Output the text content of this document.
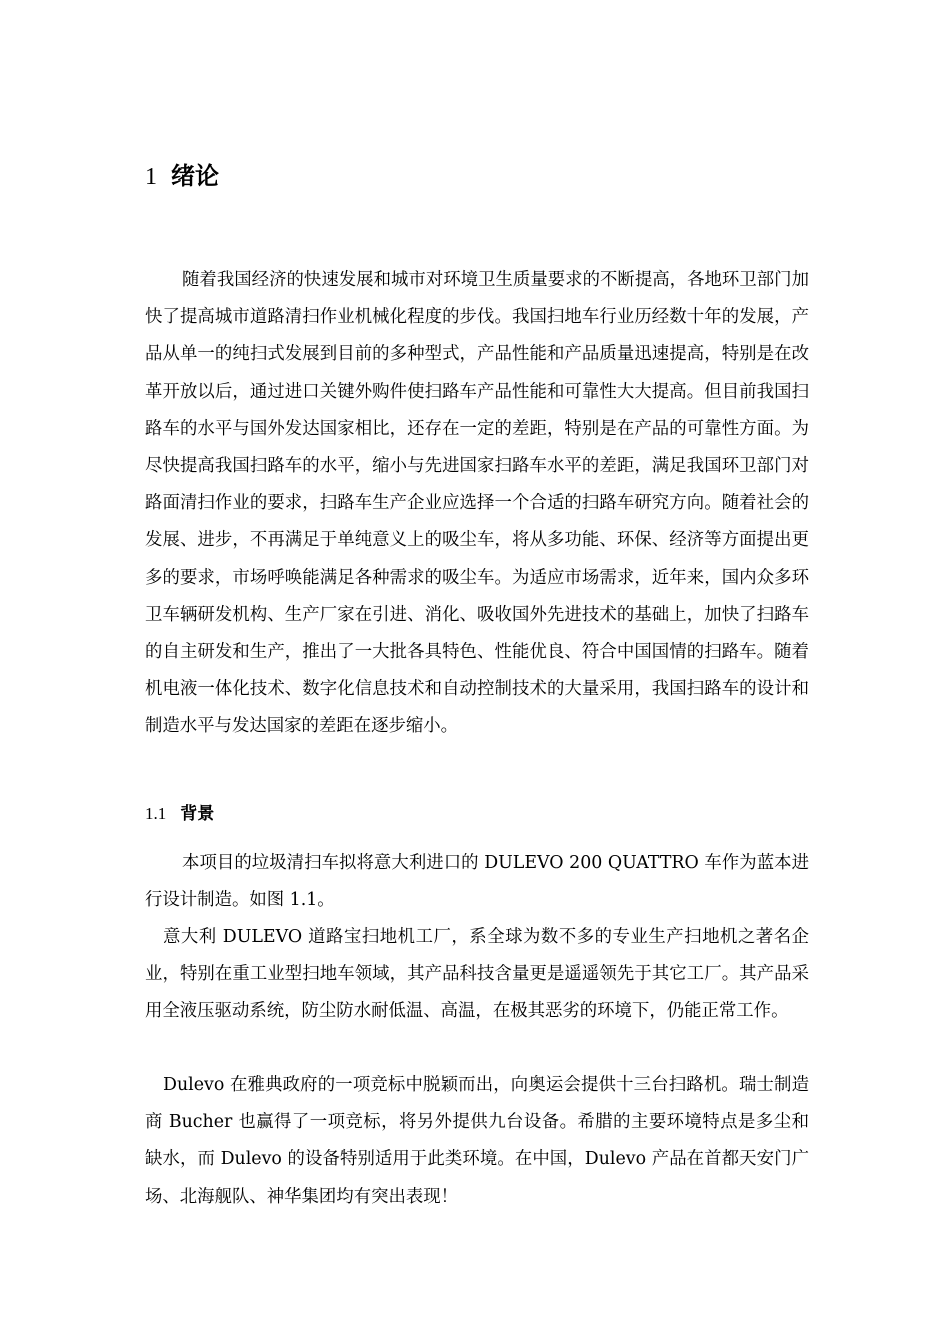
1 绪论

随着我国经济的快速发展和城市对环境卫生质量要求的不断提高，各地环卫部门加快了提高城市道路清扫作业机械化程度的步伐。我国扫地车行业历经数十年的发展，产品从单一的纯扫式发展到目前的多种型式，产品性能和产品质量迅速提高，特别是在改革开放以后，通过进口关键外购件使扫路车产品性能和可靠性大大提高。但目前我国扫路车的水平与国外发达国家相比，还存在一定的差距，特别是在产品的可靠性方面。为尽快提高我国扫路车的水平，缩小与先进国家扫路车水平的差距，满足我国环卫部门对路面清扫作业的要求，扫路车生产企业应选择一个合适的扫路车研究方向。随着社会的发展、进步，不再满足于单纯意义上的吸尘车，将从多功能、环保、经济等方面提出更多的要求，市场呼唤能满足各种需求的吸尘车。为适应市场需求，近年来，国内众多环卫车辆研发机构、生产厂家在引进、消化、吸收国外先进技术的基础上，加快了扫路车的自主研发和生产，推出了一大批各具特色、性能优良、符合中国国情的扫路车。随着机电液一体化技术、数字化信息技术和自动控制技术的大量采用，我国扫路车的设计和制造水平与发达国家的差距在逐步缩小。

1.1 背景

本项目的垃圾清扫车拟将意大利进口的 DULEVO 200 QUATTRO 车作为蓝本进行设计制造。如图 1.1。

意大利 DULEVO 道路宝扫地机工厂，系全球为数不多的专业生产扫地机之著名企业，特别在重工业型扫地车领域，其产品科技含量更是遥遥领先于其它工厂。其产品采用全液压驱动系统，防尘防水耐低温、高温，在极其恶劣的环境下，仍能正常工作。

Dulevo 在雅典政府的一项竞标中脱颖而出，向奥运会提供十三台扫路机。瑞士制造商 Bucher 也赢得了一项竞标，将另外提供九台设备。希腊的主要环境特点是多尘和缺水，而 Dulevo 的设备特别适用于此类环境。在中国，Dulevo 产品在首都天安门广场、北海舰队、神华集团均有突出表现！
